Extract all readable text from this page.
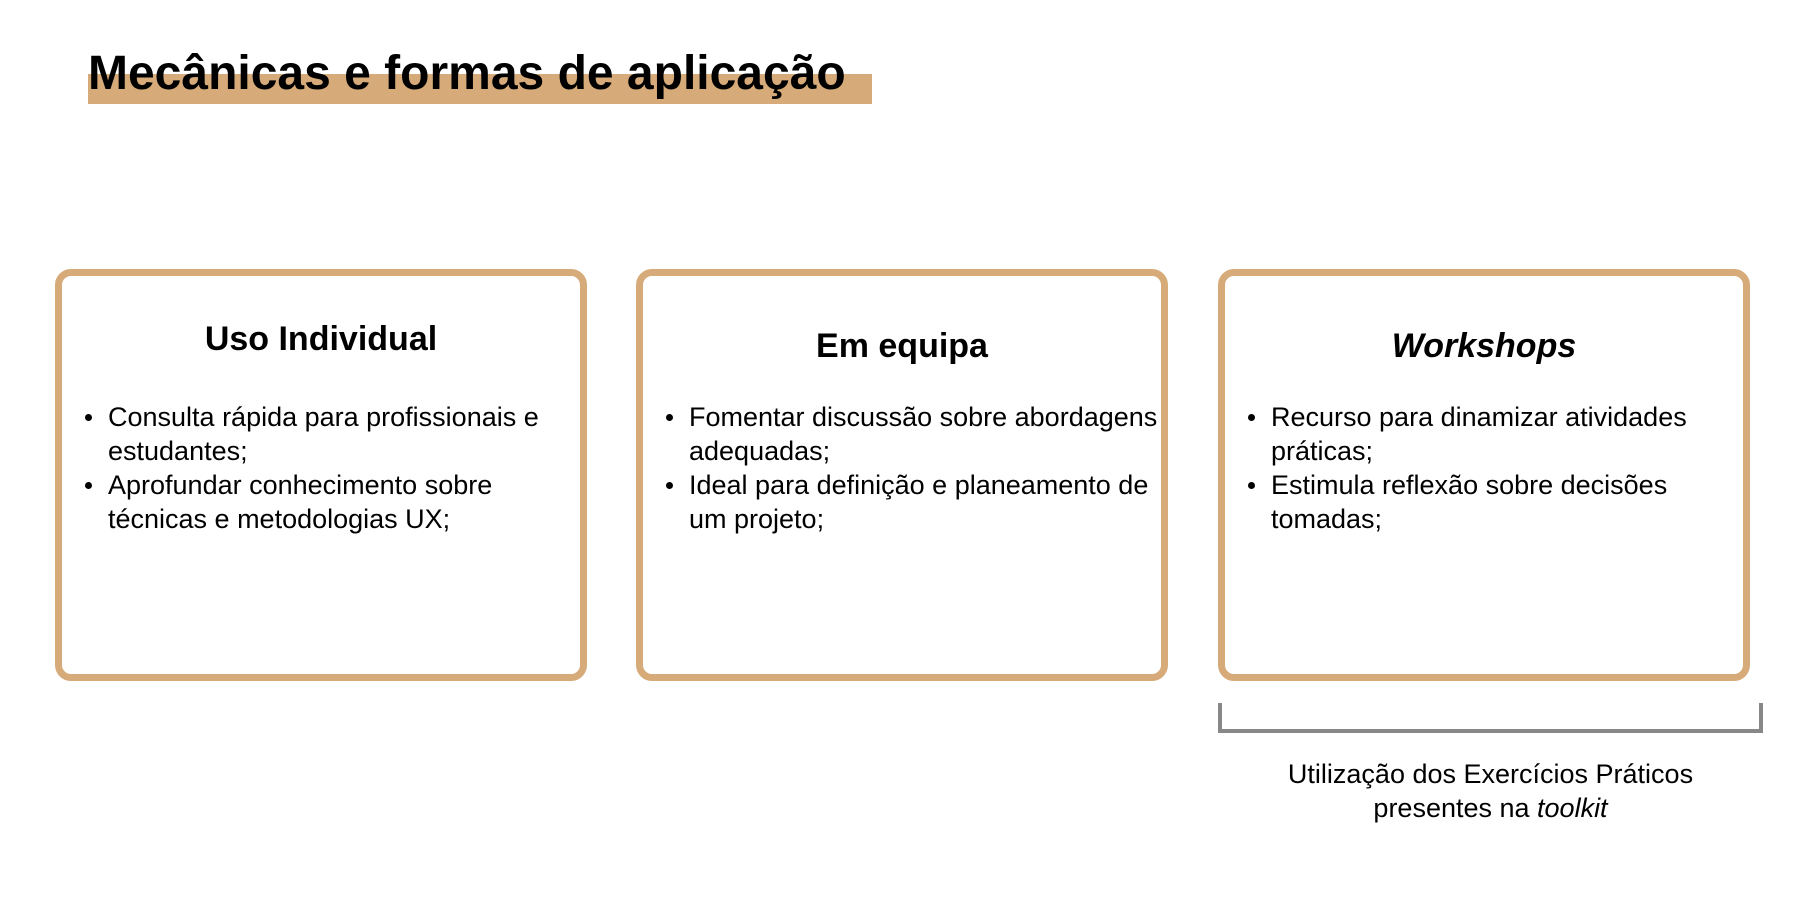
Mecânicas e formas de aplicação
Uso Individual
Consulta rápida para profissionais e estudantes;
Aprofundar conhecimento sobre técnicas e metodologias UX;
Em equipa
Fomentar discussão sobre abordagens adequadas;
Ideal para definição e planeamento de um projeto;
Workshops
Recurso para dinamizar atividades práticas;
Estimula reflexão sobre decisões tomadas;

Utilização dos Exercícios Práticos
presentes na toolkit
